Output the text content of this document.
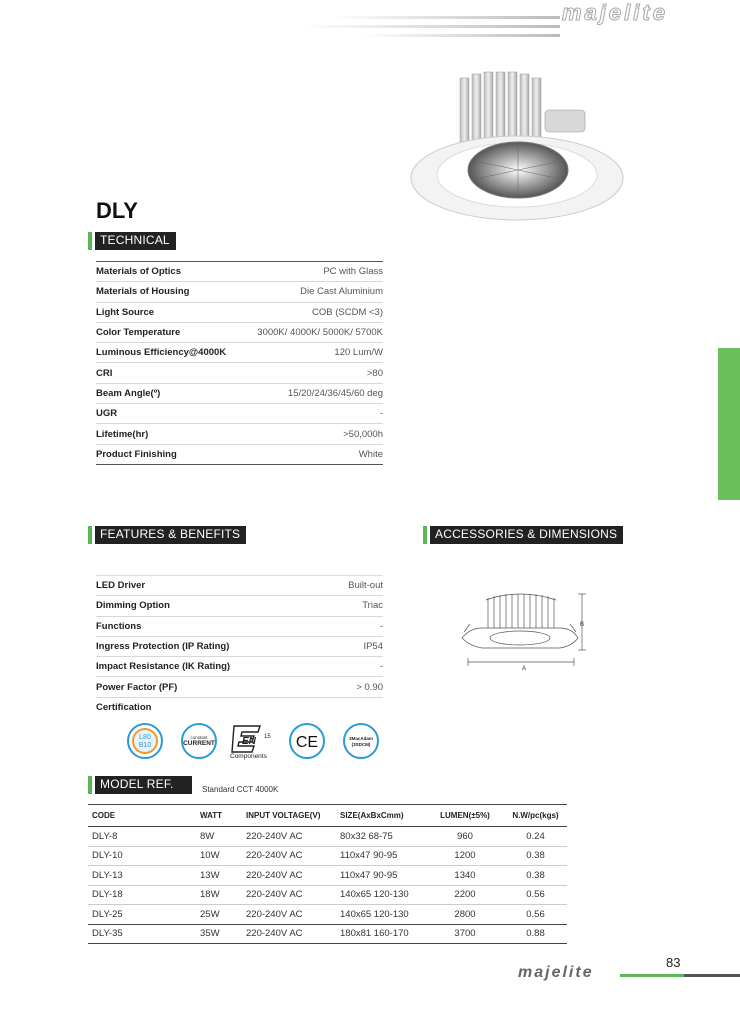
majelite
DLY
TECHNICAL
Materials of Optics	PC with Glass
Materials of Housing	Die Cast Aluminium
Light Source	COB (SCDM <3)
Color Temperature	3000K/ 4000K/ 5000K/ 5700K
Luminous Efficiency@4000K	120 Lum/W
CRI	>80
Beam Angle(º)	15/20/24/36/45/60 deg
UGR	-
Lifetime(hr)	>50,000h
Product Finishing	White
FEATURES & BENEFITS	ACCESSORIES & DIMENSIONS
LED Driver	Built-out
Dimming Option	Triac
Functions	-
Ingress Protection (IP Rating)	IP54
Impact Resistance (IK Rating)	-
Power Factor (PF)	> 0.90
Certification
B
A
L80
B10
constant
CURRENT	EN 15
Components
CE	3MacAdam
(3SDCM)
MODEL REF.	Standard CCT 4000K
CODE	WATT	INPUT VOLTAGE(V)	SIZE(AxBxCmm)	LUMEN(±5%)	N.W/pc(kgs)
DLY-8	8W	220-240V AC	80x32 68-75	960	0.24
DLY-10	10W	220-240V AC	110x47 90-95	1200	0.38
DLY-13	13W	220-240V AC	110x47 90-95	1340	0.38
DLY-18	18W	220-240V AC	140x65 120-130	2200	0.56
DLY-25	25W	220-240V AC	140x65 120-130	2800	0.56
DLY-35	35W	220-240V AC	180x81 160-170	3700	0.88
83
majelite
